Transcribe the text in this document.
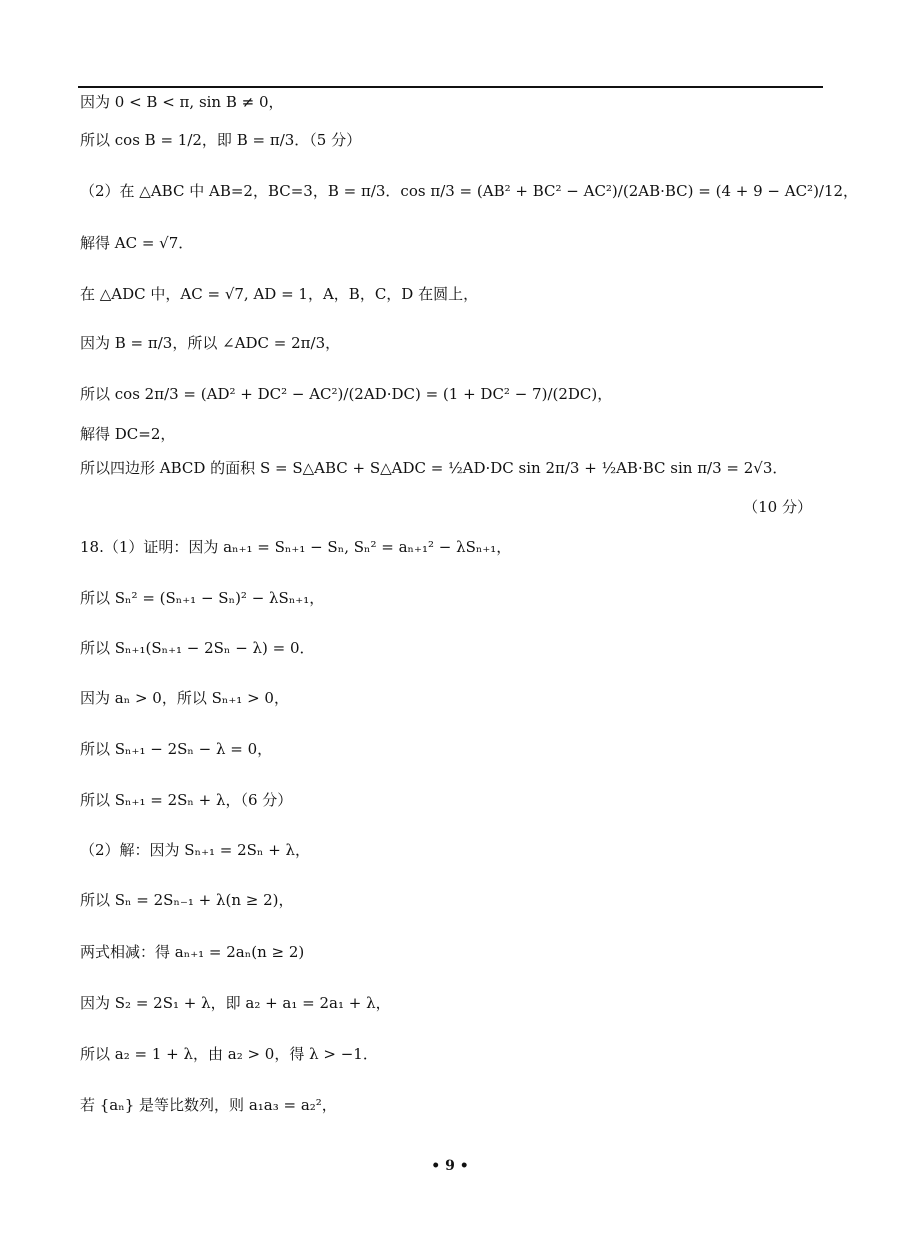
因为 0 < B < π, sin B ≠ 0，
所以 cos B = 1/2，即 B = π/3．（5 分）
（2）在 △ABC 中 AB=2，BC=3，B = π/3．cos π/3 = (AB² + BC² − AC²)/(2AB·BC) = (4 + 9 − AC²)/12，
解得 AC = √7．
在 △ADC 中，AC = √7, AD = 1，A，B，C，D 在圆上，
因为 B = π/3，所以 ∠ADC = 2π/3，
所以 cos 2π/3 = (AD² + DC² − AC²)/(2AD·DC) = (1 + DC² − 7)/(2DC)，
解得 DC=2，
所以四边形 ABCD 的面积 S = S△ABC + S△ADC = ½AD·DC sin 2π/3 + ½AB·BC sin π/3 = 2√3．
（10 分）
18.（1）证明：因为 aₙ₊₁ = Sₙ₊₁ − Sₙ, Sₙ² = aₙ₊₁² − λSₙ₊₁，
所以 Sₙ² = (Sₙ₊₁ − Sₙ)² − λSₙ₊₁，
所以 Sₙ₊₁(Sₙ₊₁ − 2Sₙ − λ) = 0．
因为 aₙ > 0，所以 Sₙ₊₁ > 0，
所以 Sₙ₊₁ − 2Sₙ − λ = 0，
所以 Sₙ₊₁ = 2Sₙ + λ，（6 分）
（2）解：因为 Sₙ₊₁ = 2Sₙ + λ，
所以 Sₙ = 2Sₙ₋₁ + λ(n ≥ 2)，
两式相减：得 aₙ₊₁ = 2aₙ(n ≥ 2)
因为 S₂ = 2S₁ + λ，即 a₂ + a₁ = 2a₁ + λ，
所以 a₂ = 1 + λ，由 a₂ > 0，得 λ > −1．
若 {aₙ} 是等比数列，则 a₁a₃ = a₂²，
• 9 •
